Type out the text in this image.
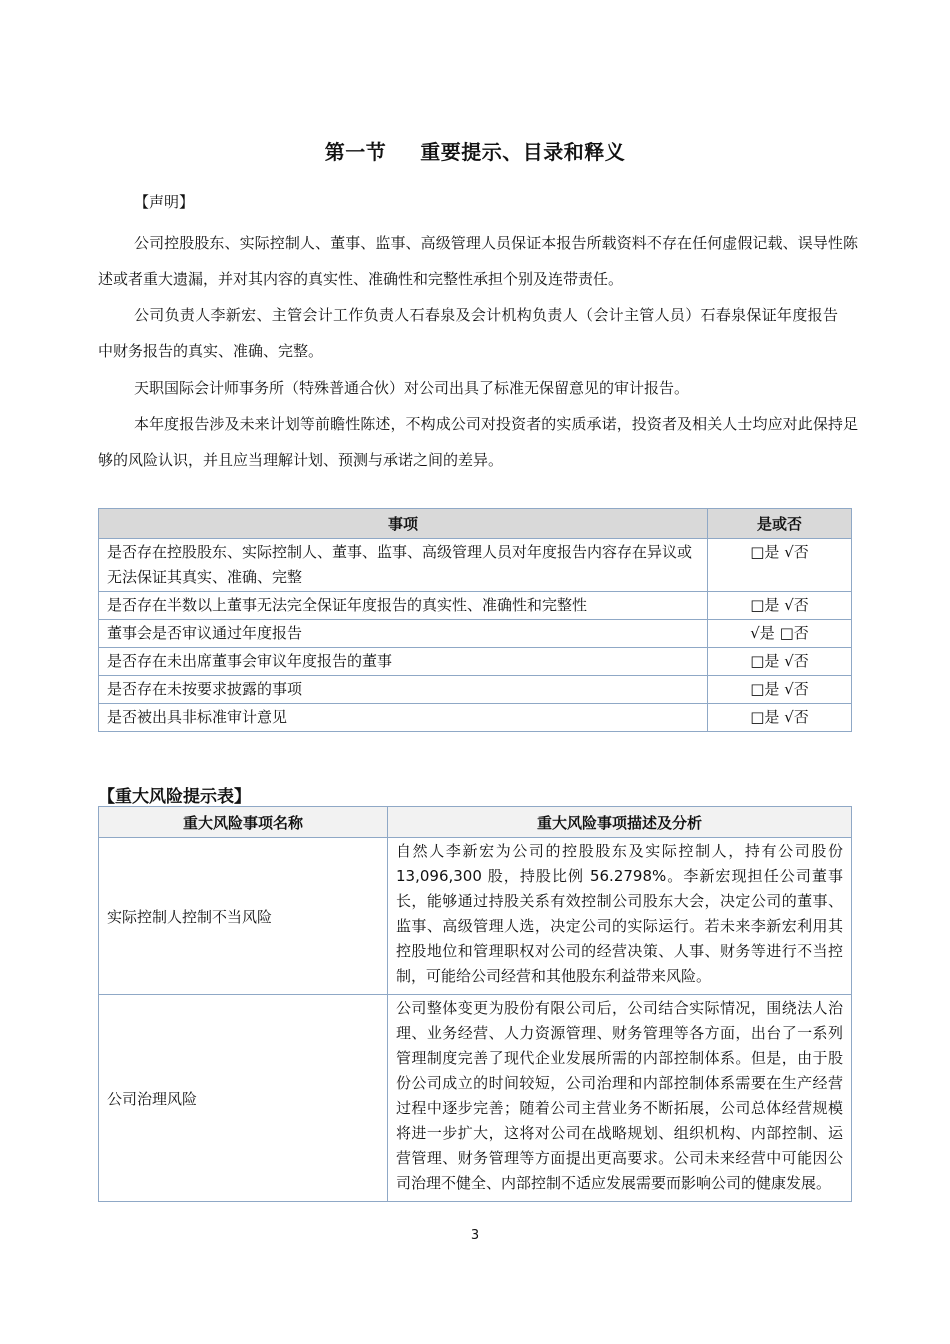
第一节 重要提示、目录和释义
【声明】
公司控股股东、实际控制人、董事、监事、高级管理人员保证本报告所载资料不存在任何虚假记载、误导性陈述或者重大遗漏，并对其内容的真实性、准确性和完整性承担个别及连带责任。
公司负责人李新宏、主管会计工作负责人石春泉及会计机构负责人（会计主管人员）石春泉保证年度报告中财务报告的真实、准确、完整。
天职国际会计师事务所（特殊普通合伙）对公司出具了标准无保留意见的审计报告。
本年度报告涉及未来计划等前瞻性陈述，不构成公司对投资者的实质承诺，投资者及相关人士均应对此保持足够的风险认识，并且应当理解计划、预测与承诺之间的差异。
事项	是或否
是否存在控股股东、实际控制人、董事、监事、高级管理人员对年度报告内容存在异议或无法保证其真实、准确、完整	□是 √否
是否存在半数以上董事无法完全保证年度报告的真实性、准确性和完整性	□是 √否
董事会是否审议通过年度报告	√是 □否
是否存在未出席董事会审议年度报告的董事	□是 √否
是否存在未按要求披露的事项	□是 √否
是否被出具非标准审计意见	□是 √否
【重大风险提示表】
重大风险事项名称	重大风险事项描述及分析
实际控制人控制不当风险	自然人李新宏为公司的控股股东及实际控制人，持有公司股份13,096,300 股，持股比例 56.2798%。李新宏现担任公司董事长，能够通过持股关系有效控制公司股东大会，决定公司的董事、监事、高级管理人选，决定公司的实际运行。若未来李新宏利用其控股地位和管理职权对公司的经营决策、人事、财务等进行不当控制，可能给公司经营和其他股东利益带来风险。
公司治理风险	公司整体变更为股份有限公司后，公司结合实际情况，围绕法人治理、业务经营、人力资源管理、财务管理等各方面，出台了一系列管理制度完善了现代企业发展所需的内部控制体系。但是，由于股份公司成立的时间较短，公司治理和内部控制体系需要在生产经营过程中逐步完善；随着公司主营业务不断拓展，公司总体经营规模将进一步扩大，这将对公司在战略规划、组织机构、内部控制、运营管理、财务管理等方面提出更高要求。公司未来经营中可能因公司治理不健全、内部控制不适应发展需要而影响公司的健康发展。
3
